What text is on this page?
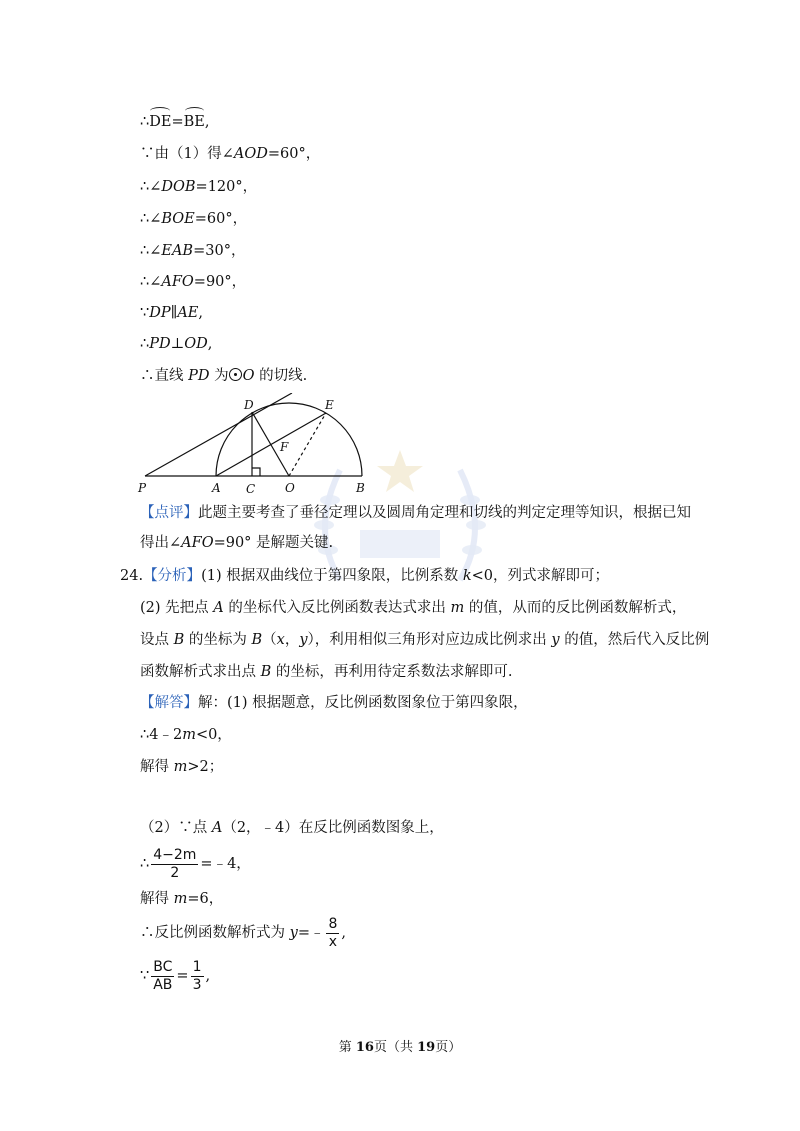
∴DE=BE,
∵由（1）得∠AOD=60°，
∴∠DOB=120°，
∴∠BOE=60°，
∴∠EAB=30°，
∴∠AFO=90°，
∵DP∥AE,
∴PD⊥OD,
∴直线 PD 为 O 的切线.
D	E
F
P	A C O	B
【点评】此题主要考查了垂径定理以及圆周角定理和切线的判定定理等知识，根据已知
得出∠AFO=90° 是解题关键.
24.【分析】(1) 根据双曲线位于第四象限，比例系数 k<0，列式求解即可；
(2) 先把点 A 的坐标代入反比例函数表达式求出 m 的值，从而的反比例函数解析式，
设点 B 的坐标为 B（x，y），利用相似三角形对应边成比例求出 y 的值，然后代入反比例
函数解析式求出点 B 的坐标，再利用待定系数法求解即可.
【解答】解：(1) 根据题意，反比例函数图象位于第四象限，
∴4﹣2m<0，
解得 m>2；
（2）∵点 A（2，﹣4）在反比例函数图象上，
∴ $\frac{4-2m}{2}$ =﹣4，
解得 m=6，
∴反比例函数解析式为 y=﹣ $\frac{8}{x}$ ,
∵ $\frac{BC}{AB} = \frac{1}{3}$ ,
第 16页（共 19页）
